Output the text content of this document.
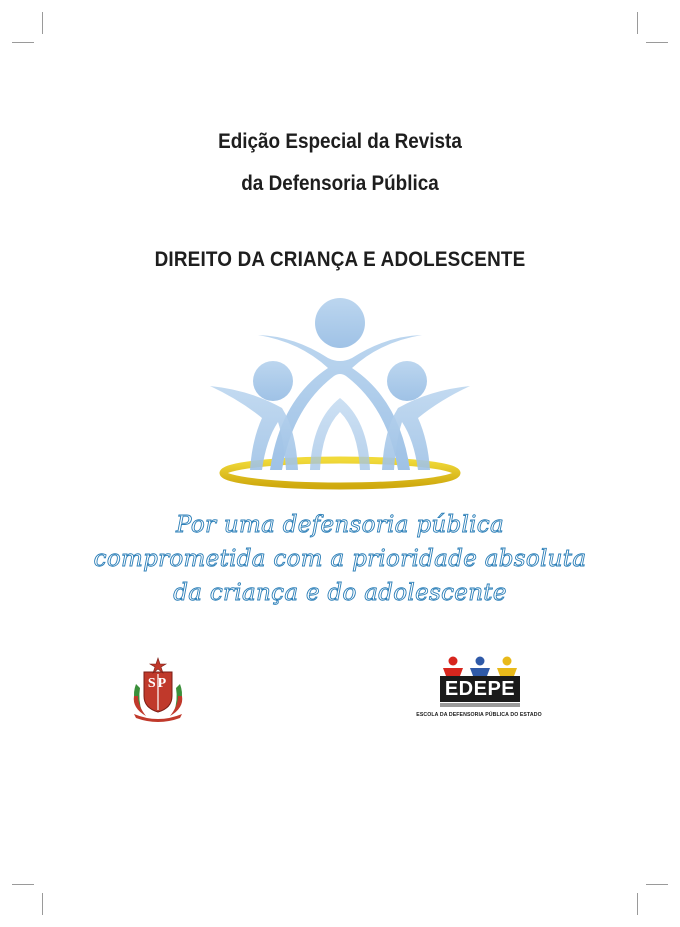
Edição Especial da Revista
da Defensoria Pública
DIREITO DA CRIANÇA E ADOLESCENTE
Por uma defensoria pública
comprometida com a prioridade absoluta
da criança e do adolescente
SP	EDEPE
ESCOLA DA DEFENSORIA PÚBLICA DO ESTADO
